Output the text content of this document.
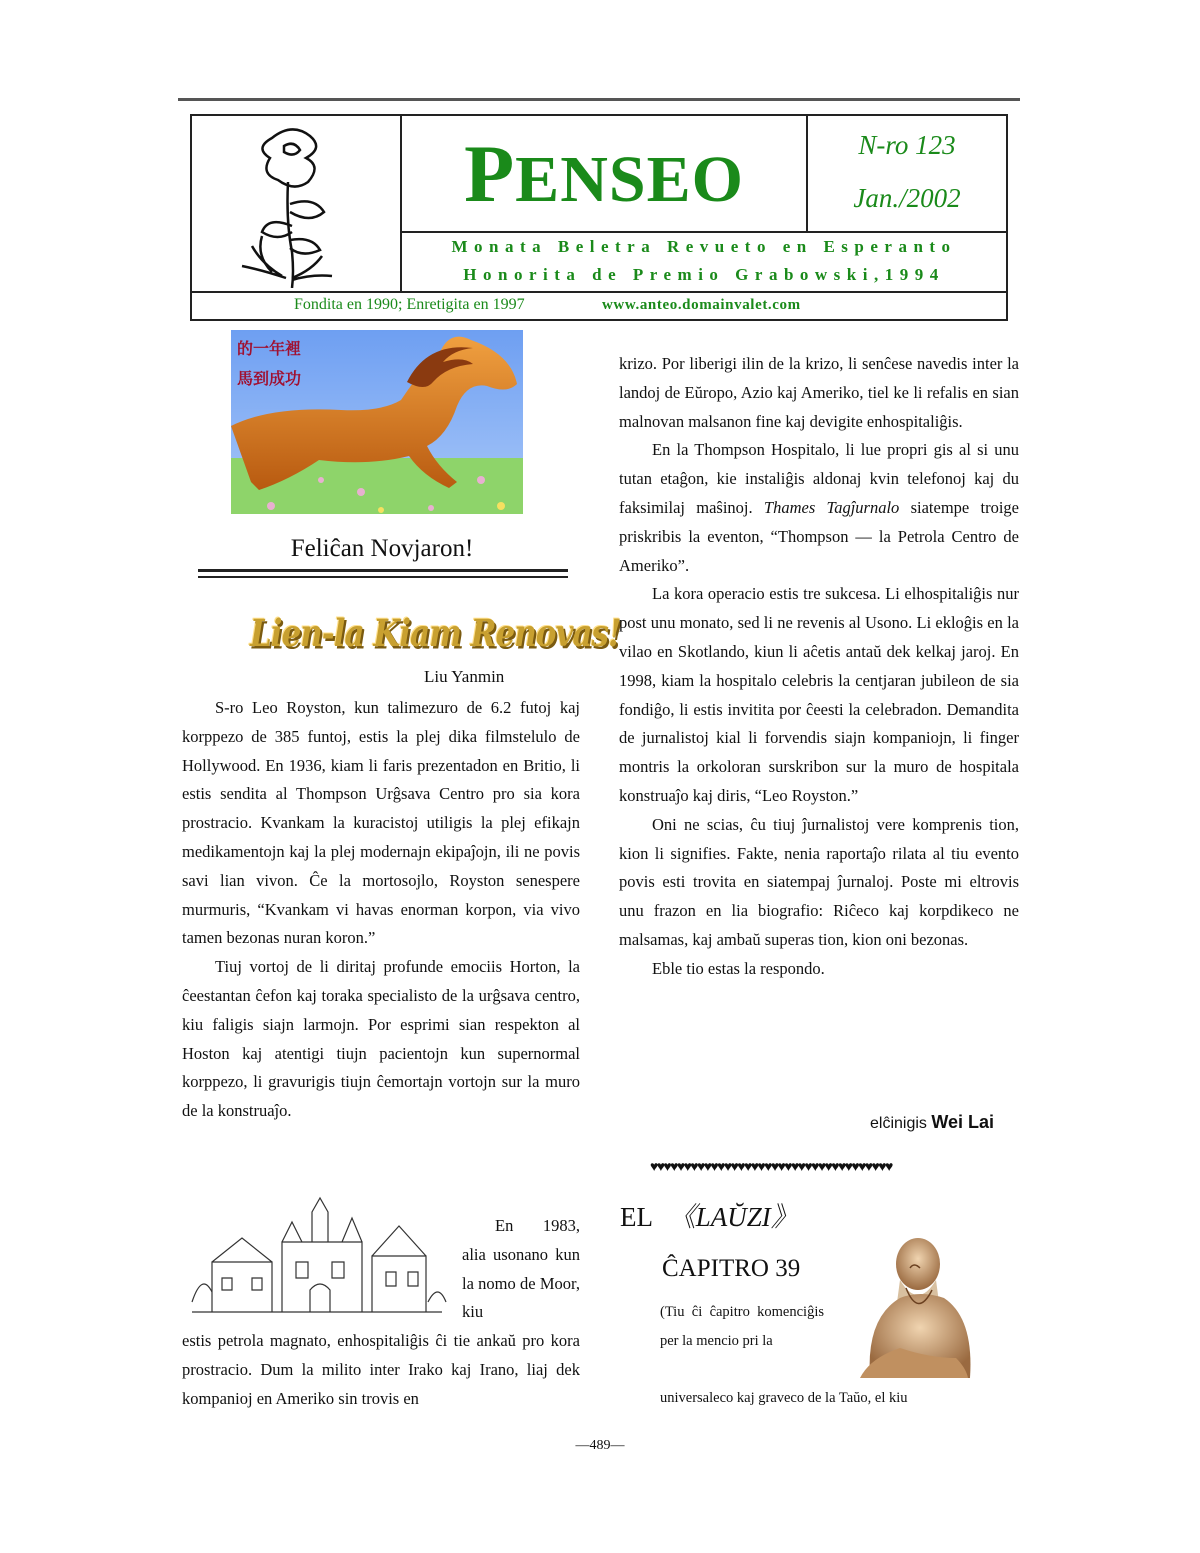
PENSEO	N-ro 123
Jan./2002
Monata Beletra Revueto en Esperanto
Honorita de Premio Grabowski,1994
Fondita en 1990; Enretigita en 1997	www.anteo.domainvalet.com
的一年裡
馬到成功
Feliĉan Novjaron!
Lien-la Kiam Renovas!
Liu Yanmin

S-ro Leo Royston, kun talimezuro de 6.2 futoj kaj korppezo de 385 funtoj, estis la plej dika filmstelulo de Hollywood. En 1936, kiam li faris prezentadon en Britio, li estis sendita al Thompson Urĝsava Centro pro sia kora prostracio. Kvankam la kuracistoj utiligis la plej efikajn medikamentojn kaj la plej modernajn ekipaĵojn, ili ne povis savi lian vivon. Ĉe la mortosojlo, Royston senespere murmuris, “Kvankam vi havas enorman korpon, via vivo tamen bezonas nuran koron.”

Tiuj vortoj de li diritaj profunde emociis Horton, la ĉeestantan ĉefon kaj toraka specialisto de la urĝsava centro, kiu faligis siajn larmojn. Por esprimi sian respekton al Hoston kaj atentigi tiujn pacientojn kun supernormal korppezo, li gravurigis tiujn ĉemortajn vortojn sur la muro de la konstruaĵo.

En 1983, alia usonano kun la nomo de Moor, kiu

estis petrola magnato, enhospitaliĝis ĉi tie ankaŭ pro kora prostracio. Dum la milito inter Irako kaj Irano, liaj dek kompanioj en Ameriko sin trovis en

krizo. Por liberigi ilin de la krizo, li senĉese navedis inter la landoj de Eŭropo, Azio kaj Ameriko, tiel ke li refalis en sian malnovan malsanon fine kaj devigite enhospitaliĝis.

En la Thompson Hospitalo, li lue propri gis al si unu tutan etaĝon, kie instaliĝis aldonaj kvin telefonoj kaj du faksimilaj maŝinoj. Thames Tagĵurnalo siatempe troige priskribis la eventon, “Thompson — la Petrola Centro de Ameriko”.

La kora operacio estis tre sukcesa. Li elhospitaliĝis nur post unu monato, sed li ne revenis al Usono. Li ekloĝis en la vilao en Skotlando, kiun li aĉetis antaŭ dek kelkaj jaroj. En 1998, kiam la hospitalo celebris la centjaran jubileon de sia fondiĝo, li estis invitita por ĉeesti la celebradon. Demandita de jurnalistoj kial li forvendis siajn kompaniojn, li finger montris la orkoloran surskribon sur la muro de hospitala konstruaĵo kaj diris, “Leo Royston.”

Oni ne scias, ĉu tiuj ĵurnalistoj vere komprenis tion, kion li signifies. Fakte, nenia raportaĵo rilata al tiu evento povis esti trovita en siatempaj ĵurnaloj. Poste mi eltrovis unu frazon en lia biografio: Riĉeco kaj korpdikeco ne malsamas, kaj ambaŭ superas tion, kion oni bezonas.

Eble tio estas la respondo.

elĉinigis Wei Lai
♥♥♥♥♥♥♥♥♥♥♥♥♥♥♥♥♥♥♥♥♥♥♥♥♥♥♥♥♥♥♥♥♥♥♥♥
EL 《LAŬZI》
ĈAPITRO 39

(Tiu ĉi ĉapitro komenciĝis per la mencio pri la

universaleco kaj graveco de la Taŭo, el kiu

—489—
